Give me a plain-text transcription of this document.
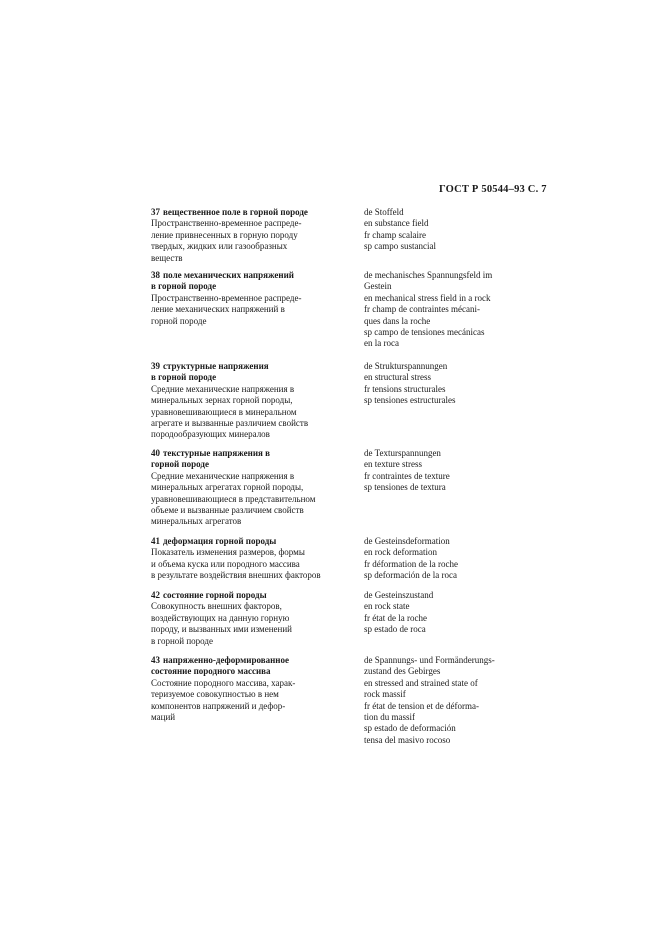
ГОСТ Р 50544–93 С. 7
37 вещественное поле в горной породе
Пространственно-временное распреде-
ление привнесенных в горную породу
твердых, жидких или газообразных
веществ
de Stoffeld
en substance field
fr champ scalaire
sp campo sustancial
38 поле механических напряжений
в горной породе
Пространственно-временное распреде-
ление механических напряжений в
горной породе
de mechanisches Spannungsfeld im
Gestein
en mechanical stress field in a rock
fr champ de contraintes mécani-
ques dans la roche
sp campo de tensiones mecánicas
en la roca
39 структурные напряжения
в горной породе
Средние механические напряжения в
минеральных зернах горной породы,
уравновешивающиеся в минеральном
агрегате и вызванные различием свойств
породообразующих минералов
de Strukturspannungen
en structural stress
fr tensions structurales
sp tensiones estructurales
40 текстурные напряжения в
горной породе
Средние механические напряжения в
минеральных агрегатах горной породы,
уравновешивающиеся в представительном
объеме и вызванные различием свойств
минеральных агрегатов
de Texturspannungen
en texture stress
fr contraintes de texture
sp tensiones de textura
41 деформация горной породы
Показатель изменения размеров, формы
и объема куска или породного массива
в результате воздействия внешних факторов
de Gesteinsdeformation
en rock deformation
fr déformation de la roche
sp deformación de la roca
42 состояние горной породы
Совокупность внешних факторов,
воздействующих на данную горную
породу, и вызванных ими изменений
в горной породе
de Gesteinszustand
en rock state
fr état de la roche
sp estado de roca
43 напряженно-деформированное
состояние породного массива
Состояние породного массива, харак-
теризуемое совокупностью в нем
компонентов напряжений и дефор-
маций
de Spannungs- und Formänderungs-
zustand des Gebirges
en stressed and strained state of
rock massif
fr état de tension et de déforma-
tion du massif
sp estado de deformación
tensa del masivo rocoso
